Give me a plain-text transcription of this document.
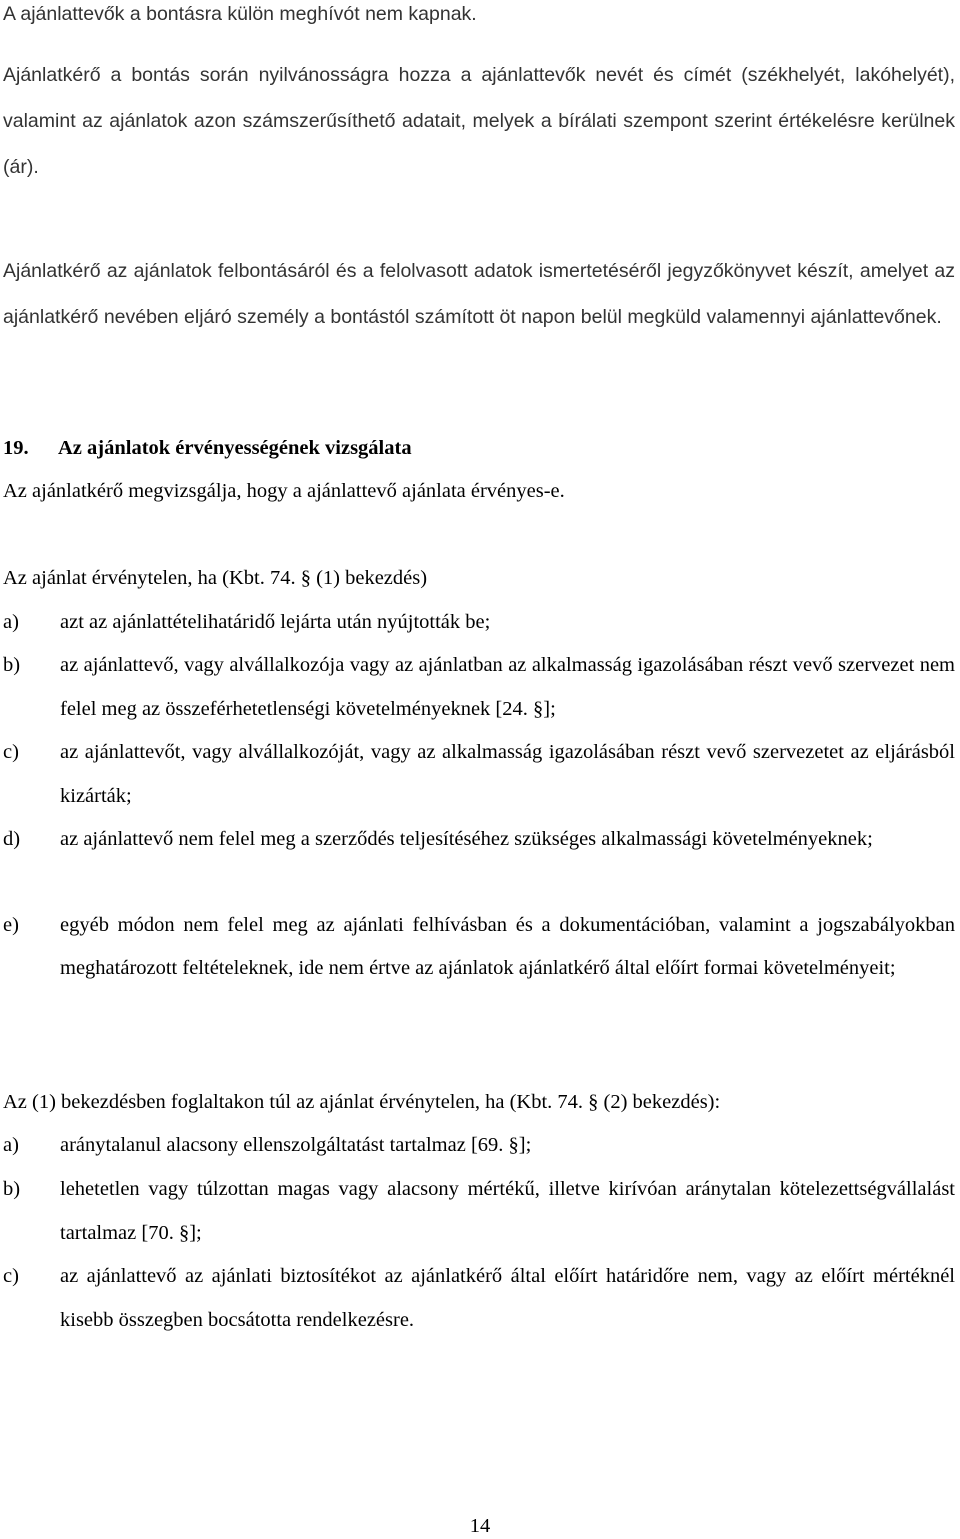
A ajánlattevők a bontásra külön meghívót nem kapnak.

Ajánlatkérő a bontás során nyilvánosságra hozza a ajánlattevők nevét és címét (székhelyét, lakóhelyét), valamint az ajánlatok azon számszerűsíthető adatait, melyek a bírálati szempont szerint értékelésre kerülnek (ár).

Ajánlatkérő az ajánlatok felbontásáról és a felolvasott adatok ismertetéséről jegyzőkönyvet készít, amelyet az ajánlatkérő nevében eljáró személy a bontástól számított öt napon belül megküld valamennyi ajánlattevőnek.

19. Az ajánlatok érvényességének vizsgálata

Az ajánlatkérő megvizsgálja, hogy a ajánlattevő ajánlata érvényes-e.

Az ajánlat érvénytelen, ha (Kbt. 74. § (1) bekezdés)

a)	azt az ajánlattételihatáridő lejárta után nyújtották be;
b)	az ajánlattevő, vagy alvállalkozója vagy az ajánlatban az alkalmasság igazolásában részt vevő szervezet nem felel meg az összeférhetetlenségi követelményeknek [24. §];
c)	az ajánlattevőt, vagy alvállalkozóját, vagy az alkalmasság igazolásában részt vevő szervezetet az eljárásból kizárták;
d)	az ajánlattevő nem felel meg a szerződés teljesítéséhez szükséges alkalmassági követelményeknek;
e)	egyéb módon nem felel meg az ajánlati felhívásban és a dokumentációban, valamint a jogszabályokban meghatározott feltételeknek, ide nem értve az ajánlatok ajánlatkérő által előírt formai követelményeit;

Az (1) bekezdésben foglaltakon túl az ajánlat érvénytelen, ha (Kbt. 74. § (2) bekezdés):

a)	aránytalanul alacsony ellenszolgáltatást tartalmaz [69. §];
b)	lehetetlen vagy túlzottan magas vagy alacsony mértékű, illetve kirívóan aránytalan kötelezettségvállalást tartalmaz [70. §];
c)	az ajánlattevő az ajánlati biztosítékot az ajánlatkérő által előírt határidőre nem, vagy az előírt mértéknél kisebb összegben bocsátotta rendelkezésre.
14
